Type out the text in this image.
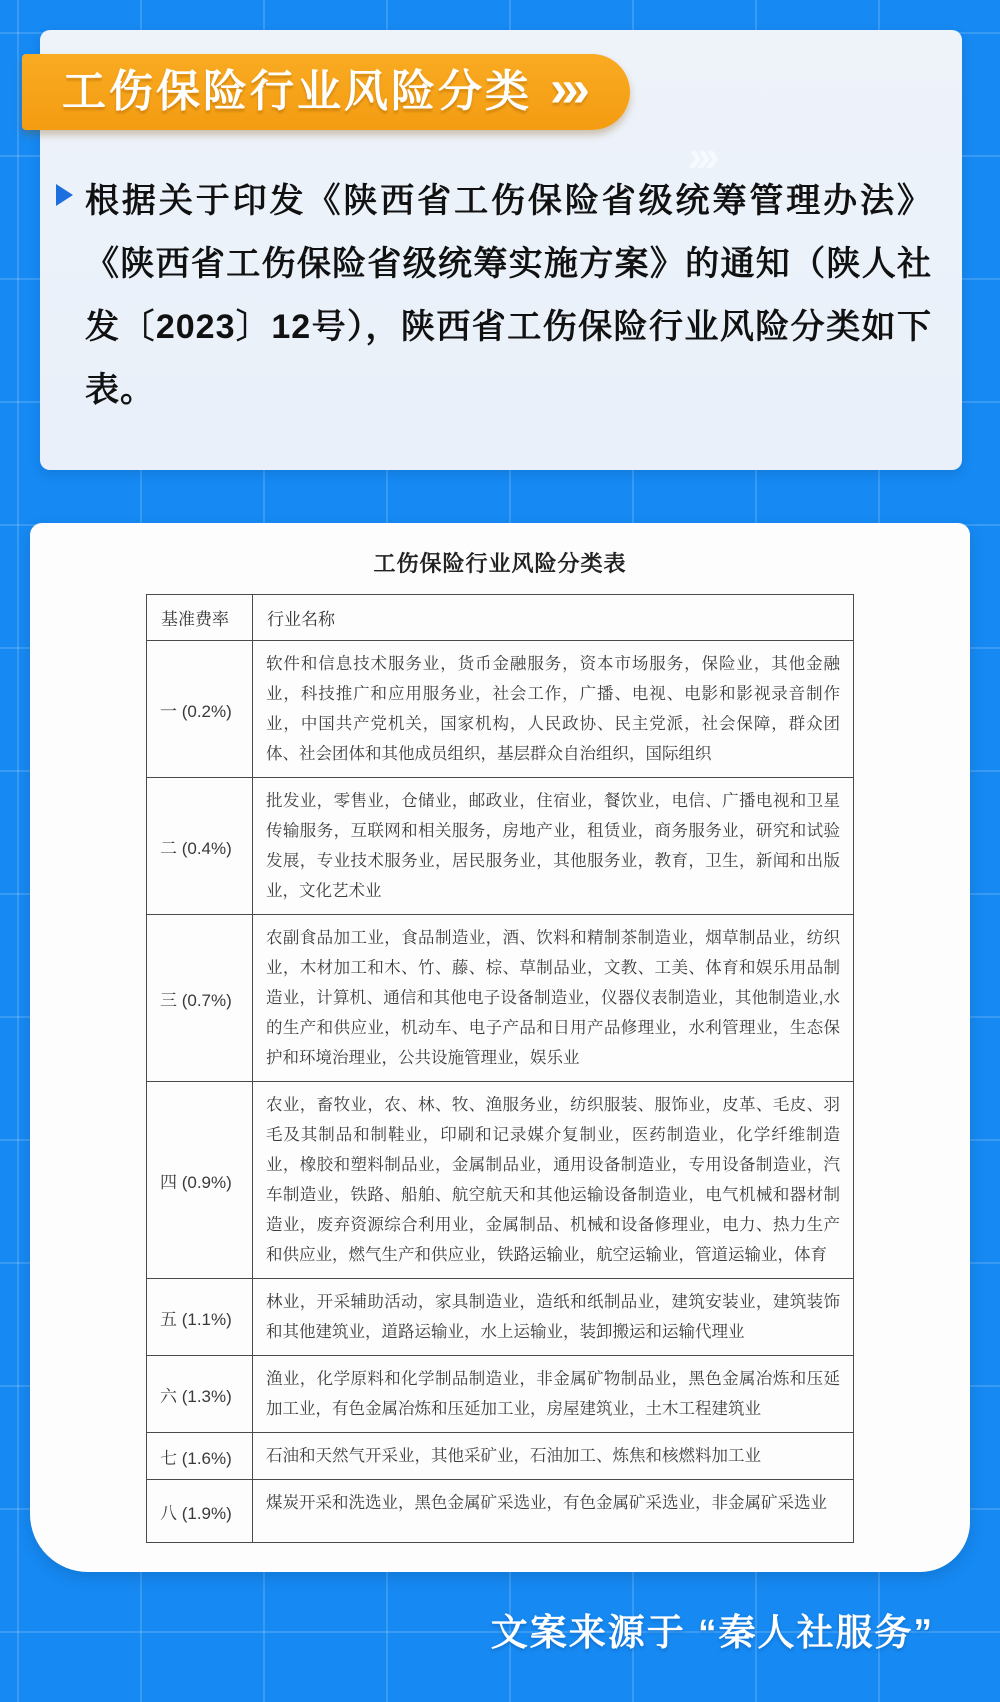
根据关于印发《陕西省工伤保险省级统筹管理办法》《陕西省工伤保险省级统筹实施方案》的通知（陕人社发〔2023〕12号），陕西省工伤保险行业风险分类如下表。

工伤保险行业风险分类 ›››
›››
工伤保险行业风险分类表
基准费率	行业名称
一 (0.2%)	软件和信息技术服务业，货币金融服务，资本市场服务，保险业，其他金融业，科技推广和应用服务业，社会工作，广播、电视、电影和影视录音制作业，中国共产党机关，国家机构，人民政协、民主党派，社会保障，群众团体、社会团体和其他成员组织，基层群众自治组织，国际组织
二 (0.4%)	批发业，零售业，仓储业，邮政业，住宿业，餐饮业，电信、广播电视和卫星传输服务，互联网和相关服务，房地产业，租赁业，商务服务业，研究和试验发展，专业技术服务业，居民服务业，其他服务业，教育，卫生，新闻和出版业，文化艺术业
三 (0.7%)	农副食品加工业，食品制造业，酒、饮料和精制茶制造业，烟草制品业，纺织业，木材加工和木、竹、藤、棕、草制品业，文教、工美、体育和娱乐用品制造业，计算机、通信和其他电子设备制造业，仪器仪表制造业，其他制造业,水的生产和供应业，机动车、电子产品和日用产品修理业，水利管理业，生态保护和环境治理业，公共设施管理业，娱乐业
四 (0.9%)	农业，畜牧业，农、林、牧、渔服务业，纺织服装、服饰业，皮革、毛皮、羽毛及其制品和制鞋业，印刷和记录媒介复制业，医药制造业，化学纤维制造业，橡胶和塑料制品业，金属制品业，通用设备制造业，专用设备制造业，汽车制造业，铁路、船舶、航空航天和其他运输设备制造业，电气机械和器材制造业，废弃资源综合利用业，金属制品、机械和设备修理业，电力、热力生产和供应业，燃气生产和供应业，铁路运输业，航空运输业，管道运输业，体育
五 (1.1%)	林业，开采辅助活动，家具制造业，造纸和纸制品业，建筑安装业，建筑装饰和其他建筑业，道路运输业，水上运输业，装卸搬运和运输代理业
六 (1.3%)	渔业，化学原料和化学制品制造业，非金属矿物制品业，黑色金属冶炼和压延加工业，有色金属冶炼和压延加工业，房屋建筑业，土木工程建筑业
七 (1.6%)	石油和天然气开采业，其他采矿业，石油加工、炼焦和核燃料加工业
八 (1.9%)	煤炭开采和洗选业，黑色金属矿采选业，有色金属矿采选业，非金属矿采选业
文案来源于 “秦人社服务”
